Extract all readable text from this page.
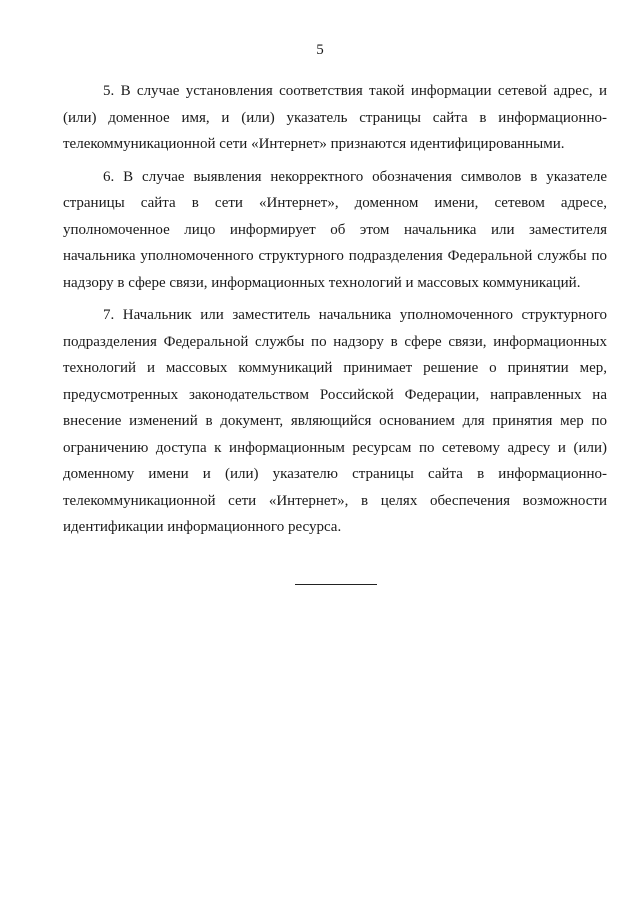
5

5. В случае установления соответствия такой информации сетевой адрес, и (или) доменное имя, и (или) указатель страницы сайта в информационно-телекоммуникационной сети «Интернет» признаются идентифицированными.

6. В случае выявления некорректного обозначения символов в указателе страницы сайта в сети «Интернет», доменном имени, сетевом адресе, уполномоченное лицо информирует об этом начальника или заместителя начальника уполномоченного структурного подразделения Федеральной службы по надзору в сфере связи, информационных технологий и массовых коммуникаций.

7. Начальник или заместитель начальника уполномоченного структурного подразделения Федеральной службы по надзору в сфере связи, информационных технологий и массовых коммуникаций принимает решение о принятии мер, предусмотренных законодательством Российской Федерации, направленных на внесение изменений в документ, являющийся основанием для принятия мер по ограничению доступа к информационным ресурсам по сетевому адресу и (или) доменному имени и (или) указателю страницы сайта в информационно-телекоммуникационной сети «Интернет», в целях обеспечения возможности идентификации информационного ресурса.
